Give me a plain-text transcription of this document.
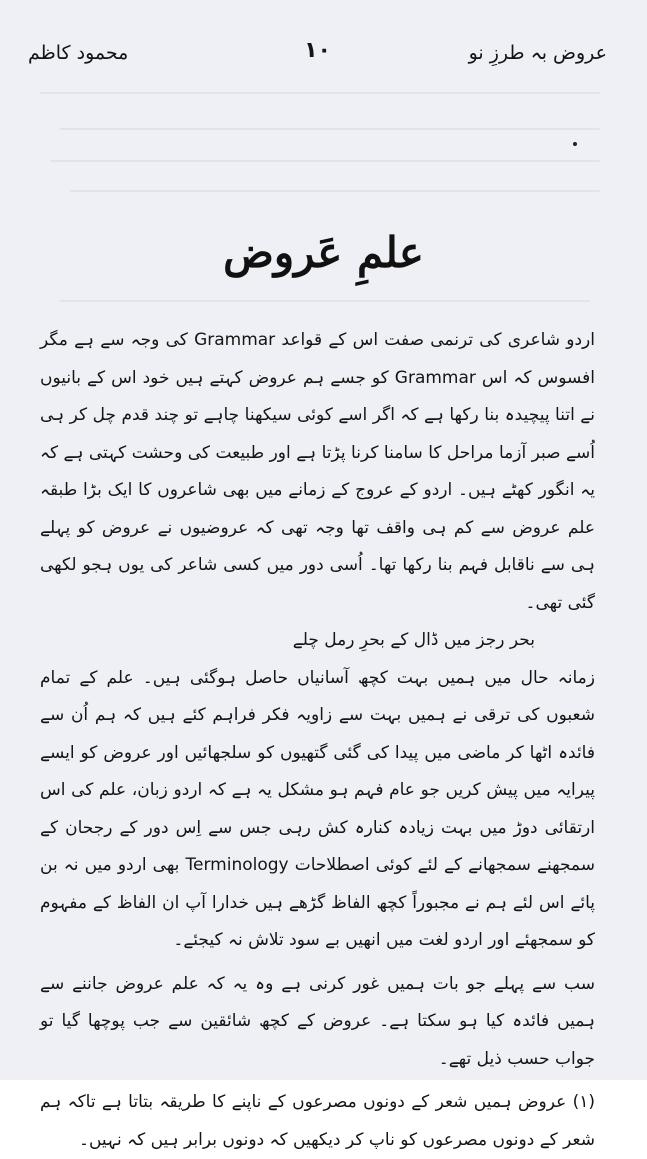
عروض بہ طرزِ نو
۱۰
محمود کاظم
علمِ عَروض

اردو شاعری کی ترنمی صفت اس کے قواعد Grammar کی وجہ سے ہے مگر افسوس کہ اس Grammar کو جسے ہم عروض کہتے ہیں خود اس کے بانیوں نے اتنا پیچیدہ بنا رکھا ہے کہ اگر اسے کوئی سیکھنا چاہے تو چند قدم چل کر ہی اُسے صبر آزما مراحل کا سامنا کرنا پڑتا ہے اور طبیعت کی وحشت کہتی ہے کہ یہ انگور کھٹے ہیں۔ اردو کے عروج کے زمانے میں بھی شاعروں کا ایک بڑا طبقہ علم عروض سے کم ہی واقف تھا وجہ تھی کہ عروضیوں نے عروض کو پہلے ہی سے ناقابل فہم بنا رکھا تھا۔ اُسی دور میں کسی شاعر کی یوں ہجو لکھی گئی تھی۔

بحر رجز میں ڈال کے بحرِ رمل چلے

زمانہ حال میں ہمیں بہت کچھ آسانیاں حاصل ہوگئی ہیں۔ علم کے تمام شعبوں کی ترقی نے ہمیں بہت سے زاویہ فکر فراہم کئے ہیں کہ ہم اُن سے فائدہ اٹھا کر ماضی میں پیدا کی گئی گتھیوں کو سلجھائیں اور عروض کو ایسے پیرایہ میں پیش کریں جو عام فہم ہو مشکل یہ ہے کہ اردو زبان، علم کی اس ارتقائی دوڑ میں بہت زیادہ کنارہ کش رہی جس سے اِس دور کے رجحان کے سمجھنے سمجھانے کے لئے کوئی اصطلاحات Terminology بھی اردو میں نہ بن پائے اس لئے ہم نے مجبوراً کچھ الفاظ گڑھے ہیں خدارا آپ ان الفاظ کے مفہوم کو سمجھئے اور اردو لغت میں انھیں بے سود تلاش نہ کیجئے۔

سب سے پہلے جو بات ہمیں غور کرنی ہے وہ یہ کہ علم عروض جاننے سے ہمیں فائدہ کیا ہو سکتا ہے۔ عروض کے کچھ شائقین سے جب پوچھا گیا تو جواب حسب ذیل تھے۔

(۱) عروض ہمیں شعر کے دونوں مصرعوں کے ناپنے کا طریقہ بتاتا ہے تاکہ ہم شعر کے دونوں مصرعوں کو ناپ کر دیکھیں کہ دونوں برابر ہیں کہ نہیں۔
